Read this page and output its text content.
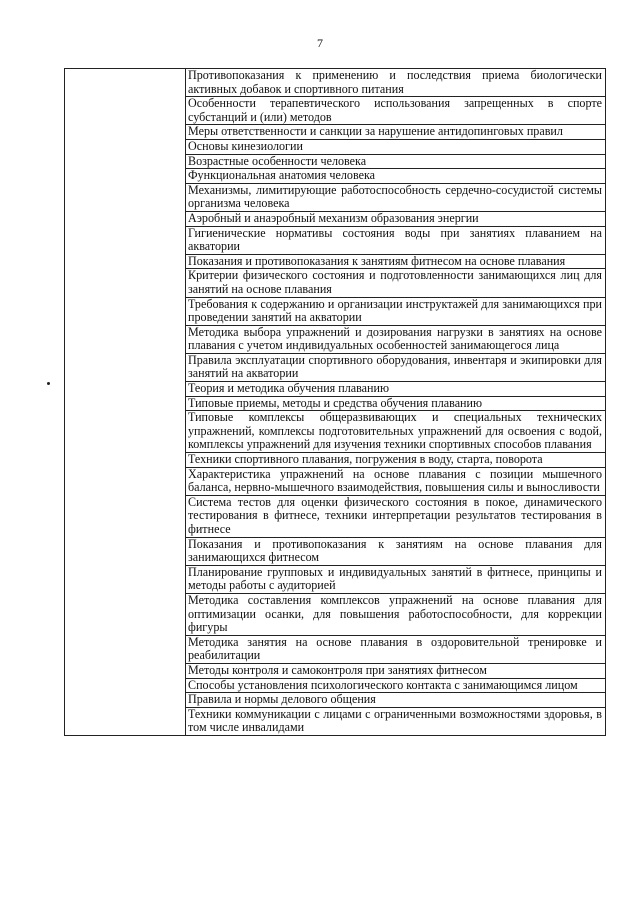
7
	Противопоказания к применению и последствия приема биологически активных добавок и спортивного питания
Особенности терапевтического использования запрещенных в спорте субстанций и (или) методов
Меры ответственности и санкции за нарушение антидопинговых правил
Основы кинезиологии
Возрастные особенности человека
Функциональная анатомия человека
Механизмы, лимитирующие работоспособность сердечно-сосудистой системы организма человека
Аэробный и анаэробный механизм образования энергии
Гигиенические нормативы состояния воды при занятиях плаванием на акватории
Показания и противопоказания к занятиям фитнесом на основе плавания
Критерии физического состояния и подготовленности занимающихся лиц для занятий на основе плавания
Требования к содержанию и организации инструктажей для занимающихся при проведении занятий на акватории
Методика выбора упражнений и дозирования нагрузки в занятиях на основе плавания с учетом индивидуальных особенностей занимающегося лица
Правила эксплуатации спортивного оборудования, инвентаря и экипировки для занятий на акватории
Теория и методика обучения плаванию
Типовые приемы, методы и средства обучения плаванию
Типовые комплексы общеразвивающих и специальных технических упражнений, комплексы подготовительных упражнений для освоения с водой, комплексы упражнений для изучения техники спортивных способов плавания
Техники спортивного плавания, погружения в воду, старта, поворота
Характеристика упражнений на основе плавания с позиции мышечного баланса, нервно-мышечного взаимодействия, повышения силы и выносливости
Система тестов для оценки физического состояния в покое, динамического тестирования в фитнесе, техники интерпретации результатов тестирования в фитнесе
Показания и противопоказания к занятиям на основе плавания для занимающихся фитнесом
Планирование групповых и индивидуальных занятий в фитнесе, принципы и методы работы с аудиторией
Методика составления комплексов упражнений на основе плавания для оптимизации осанки, для повышения работоспособности, для коррекции фигуры
Методика занятия на основе плавания в оздоровительной тренировке и реабилитации
Методы контроля и самоконтроля при занятиях фитнесом
Способы установления психологического контакта с занимающимся лицом
Правила и нормы делового общения
Техники коммуникации с лицами с ограниченными возможностями здоровья, в том числе инвалидами
